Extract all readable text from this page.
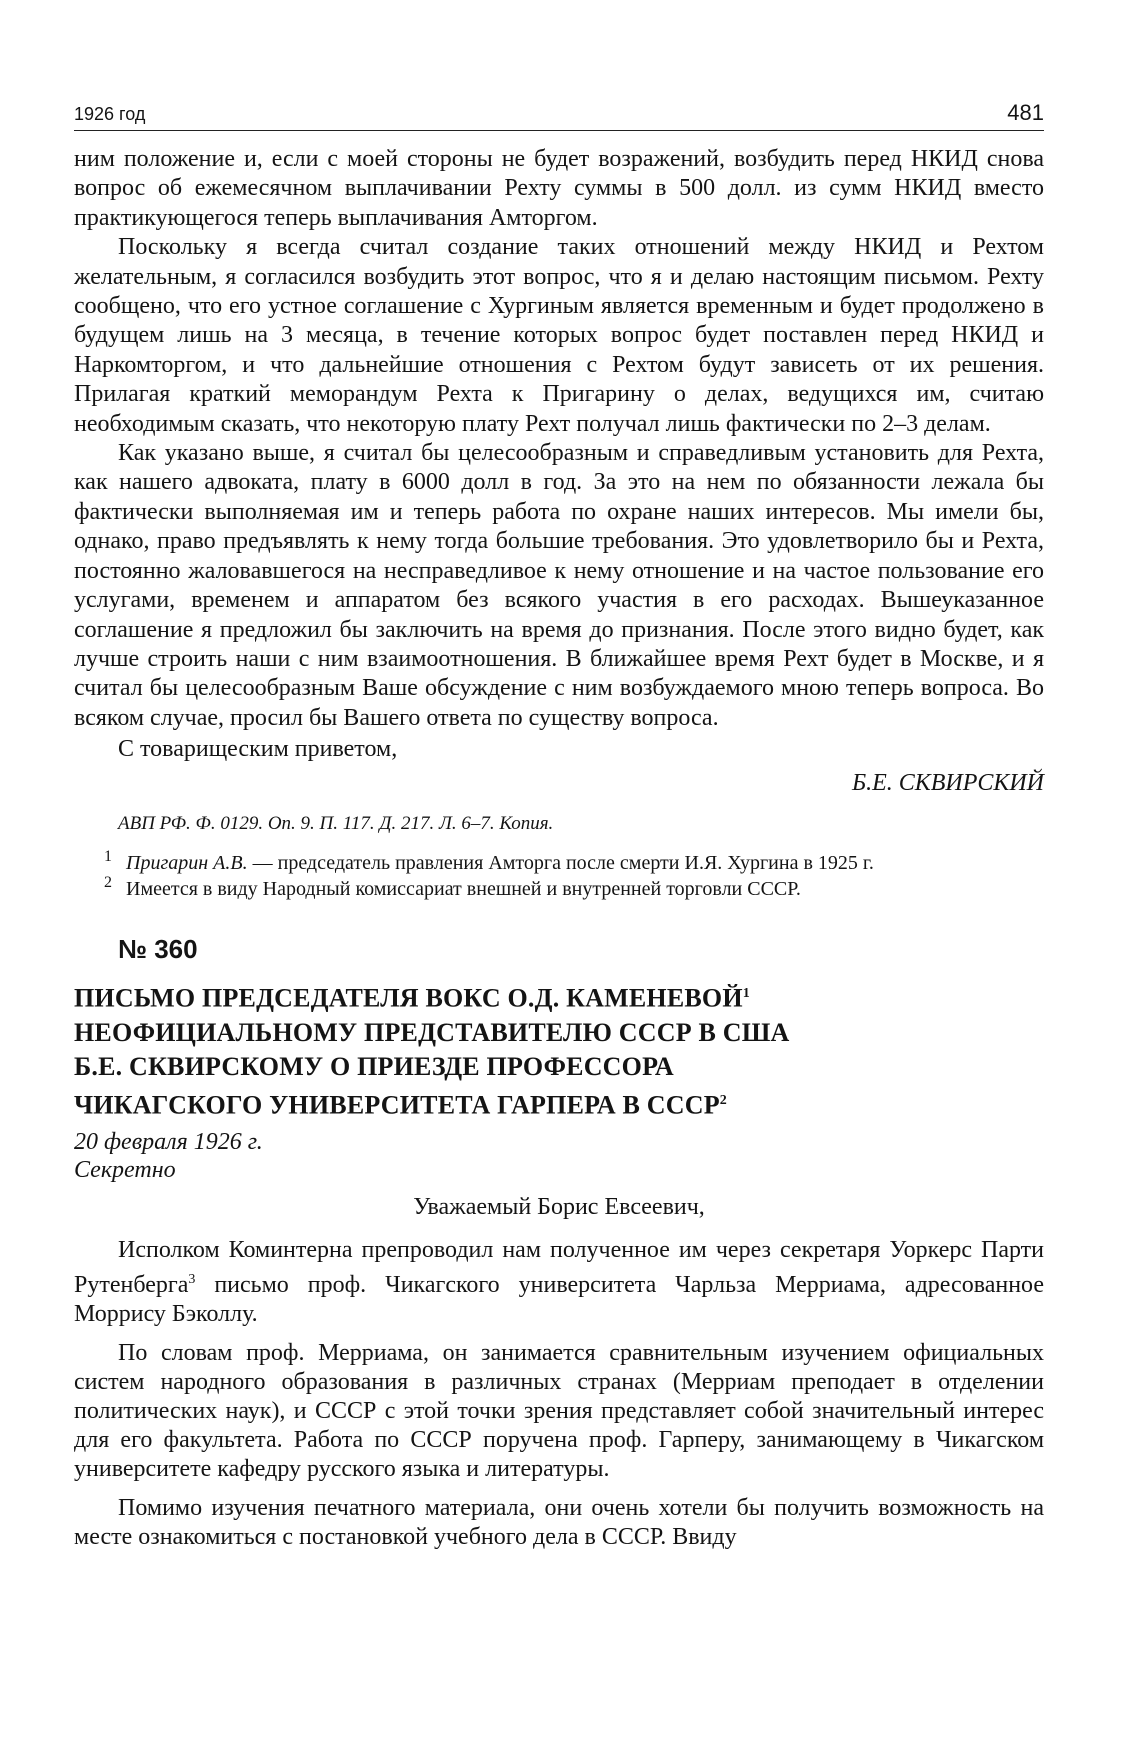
1926 год	481

ним положение и, если с моей стороны не будет возражений, возбудить перед НКИД снова вопрос об ежемесячном выплачивании Рехту суммы в 500 долл. из сумм НКИД вместо практикующегося теперь выплачивания Амторгом.

Поскольку я всегда считал создание таких отношений между НКИД и Рехтом желательным, я согласился возбудить этот вопрос, что я и делаю настоящим письмом. Рехту сообщено, что его устное соглашение с Хургиным является временным и будет продолжено в будущем лишь на 3 месяца, в течение которых вопрос будет поставлен перед НКИД и Наркомторгом, и что дальнейшие отношения с Рехтом будут зависеть от их решения. Прилагая краткий меморандум Рехта к Пригарину о делах, ведущихся им, считаю необходимым сказать, что некоторую плату Рехт получал лишь фактически по 2–3 делам.

Как указано выше, я считал бы целесообразным и справедливым установить для Рехта, как нашего адвоката, плату в 6000 долл в год. За это на нем по обязанности лежала бы фактически выполняемая им и теперь работа по охране наших интересов. Мы имели бы, однако, право предъявлять к нему тогда большие требования. Это удовлетворило бы и Рехта, постоянно жаловавшегося на несправедливое к нему отношение и на частое пользование его услугами, временем и аппаратом без всякого участия в его расходах. Вышеуказанное соглашение я предложил бы заключить на время до признания. После этого видно будет, как лучше строить наши с ним взаимоотношения. В ближайшее время Рехт будет в Москве, и я считал бы целесообразным Ваше обсуждение с ним возбуждаемого мною теперь вопроса. Во всяком случае, просил бы Вашего ответа по существу вопроса.

С товарищеским приветом,
Б.Е. СКВИРСКИЙ
АВП РФ. Ф. 0129. Оп. 9. П. 117. Д. 217. Л. 6–7. Копия.
1 Пригарин А.В. — председатель правления Амторга после смерти И.Я. Хургина в 1925 г.
2 Имеется в виду Народный комиссариат внешней и внутренней торговли СССР.
№ 360
ПИСЬМО ПРЕДСЕДАТЕЛЯ ВОКС О.Д. КАМЕНЕВОЙ$^1$
НЕОФИЦИАЛЬНОМУ ПРЕДСТАВИТЕЛЮ СССР В США
Б.Е. СКВИРСКОМУ О ПРИЕЗДЕ ПРОФЕССОРА
ЧИКАГСКОГО УНИВЕРСИТЕТА ГАРПЕРА В СССР$^2$
20 февраля 1926 г.
Секретно
Уважаемый Борис Евсеевич,

Исполком Коминтерна препроводил нам полученное им через секретаря Уоркерс Парти Рутенберга$^3$ письмо проф. Чикагского университета Чарльза Мерриама, адресованное Моррису Бэколлу.

По словам проф. Мерриама, он занимается сравнительным изучением официальных систем народного образования в различных странах (Мерриам преподает в отделении политических наук), и СССР с этой точки зрения представляет собой значительный интерес для его факультета. Работа по СССР поручена проф. Гарперу, занимающему в Чикагском университете кафедру русского языка и литературы.

Помимо изучения печатного материала, они очень хотели бы получить возможность на месте ознакомиться с постановкой учебного дела в СССР. Ввиду
